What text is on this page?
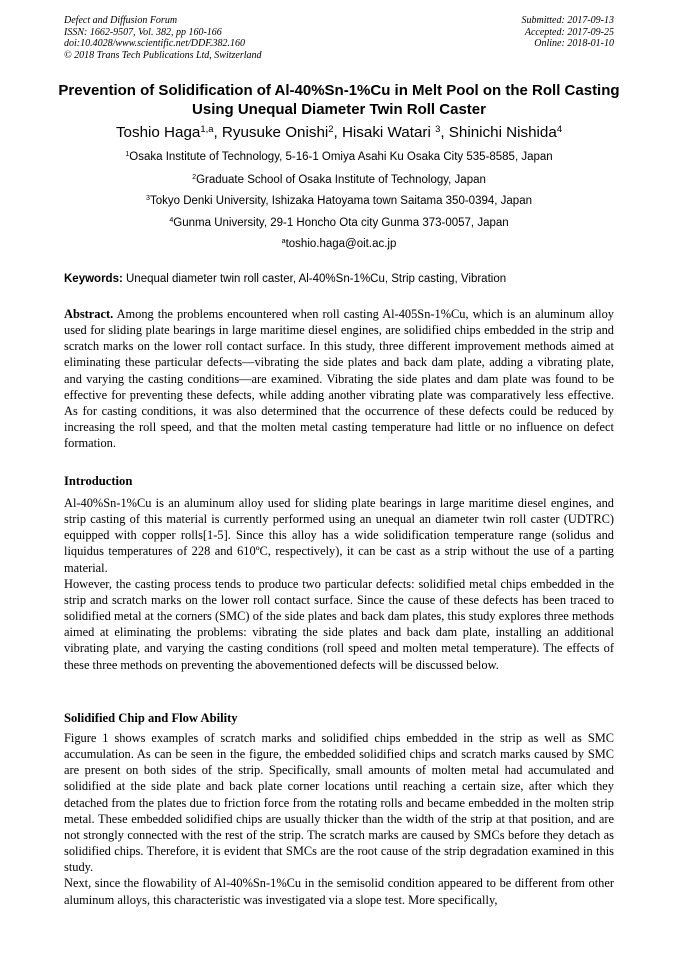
Defect and Diffusion Forum
ISSN: 1662-9507, Vol. 382, pp 160-166
doi:10.4028/www.scientific.net/DDF.382.160
© 2018 Trans Tech Publications Ltd, Switzerland
Submitted: 2017-09-13
Accepted: 2017-09-25
Online: 2018-01-10
Prevention of Solidification of Al-40%Sn-1%Cu in Melt Pool on the Roll Casting Using Unequal Diameter Twin Roll Caster
Toshio Haga$^{1,a}$, Ryusuke Onishi$^2$, Hisaki Watari $^3$, Shinichi Nishida$^4$
$^1$Osaka Institute of Technology, 5-16-1 Omiya Asahi Ku Osaka City 535-8585, Japan
$^2$Graduate School of Osaka Institute of Technology, Japan
$^3$Tokyo Denki University, Ishizaka Hatoyama town Saitama 350-0394, Japan
$^4$Gunma University, 29-1 Honcho Ota city Gunma 373-0057, Japan
$^a$toshio.haga@oit.ac.jp
Keywords: Unequal diameter twin roll caster, Al-40%Sn-1%Cu, Strip casting, Vibration

Abstract. Among the problems encountered when roll casting Al-405Sn-1%Cu, which is an aluminum alloy used for sliding plate bearings in large maritime diesel engines, are solidified chips embedded in the strip and scratch marks on the lower roll contact surface. In this study, three different improvement methods aimed at eliminating these particular defects—vibrating the side plates and back dam plate, adding a vibrating plate, and varying the casting conditions—are examined. Vibrating the side plates and dam plate was found to be effective for preventing these defects, while adding another vibrating plate was comparatively less effective. As for casting conditions, it was also determined that the occurrence of these defects could be reduced by increasing the roll speed, and that the molten metal casting temperature had little or no influence on defect formation.

Introduction

Al-40%Sn-1%Cu is an aluminum alloy used for sliding plate bearings in large maritime diesel engines, and strip casting of this material is currently performed using an unequal an diameter twin roll caster (UDTRC) equipped with copper rolls[1-5]. Since this alloy has a wide solidification temperature range (solidus and liquidus temperatures of 228 and 610ºC, respectively), it can be cast as a strip without the use of a parting material.

However, the casting process tends to produce two particular defects: solidified metal chips embedded in the strip and scratch marks on the lower roll contact surface. Since the cause of these defects has been traced to solidified metal at the corners (SMC) of the side plates and back dam plates, this study explores three methods aimed at eliminating the problems: vibrating the side plates and back dam plate, installing an additional vibrating plate, and varying the casting conditions (roll speed and molten metal temperature). The effects of these three methods on preventing the abovementioned defects will be discussed below.

Solidified Chip and Flow Ability

Figure 1 shows examples of scratch marks and solidified chips embedded in the strip as well as SMC accumulation. As can be seen in the figure, the embedded solidified chips and scratch marks caused by SMC are present on both sides of the strip. Specifically, small amounts of molten metal had accumulated and solidified at the side plate and back plate corner locations until reaching a certain size, after which they detached from the plates due to friction force from the rotating rolls and became embedded in the molten strip metal. These embedded solidified chips are usually thicker than the width of the strip at that position, and are not strongly connected with the rest of the strip. The scratch marks are caused by SMCs before they detach as solidified chips. Therefore, it is evident that SMCs are the root cause of the strip degradation examined in this study.

Next, since the flowability of Al-40%Sn-1%Cu in the semisolid condition appeared to be different from other aluminum alloys, this characteristic was investigated via a slope test. More specifically,
